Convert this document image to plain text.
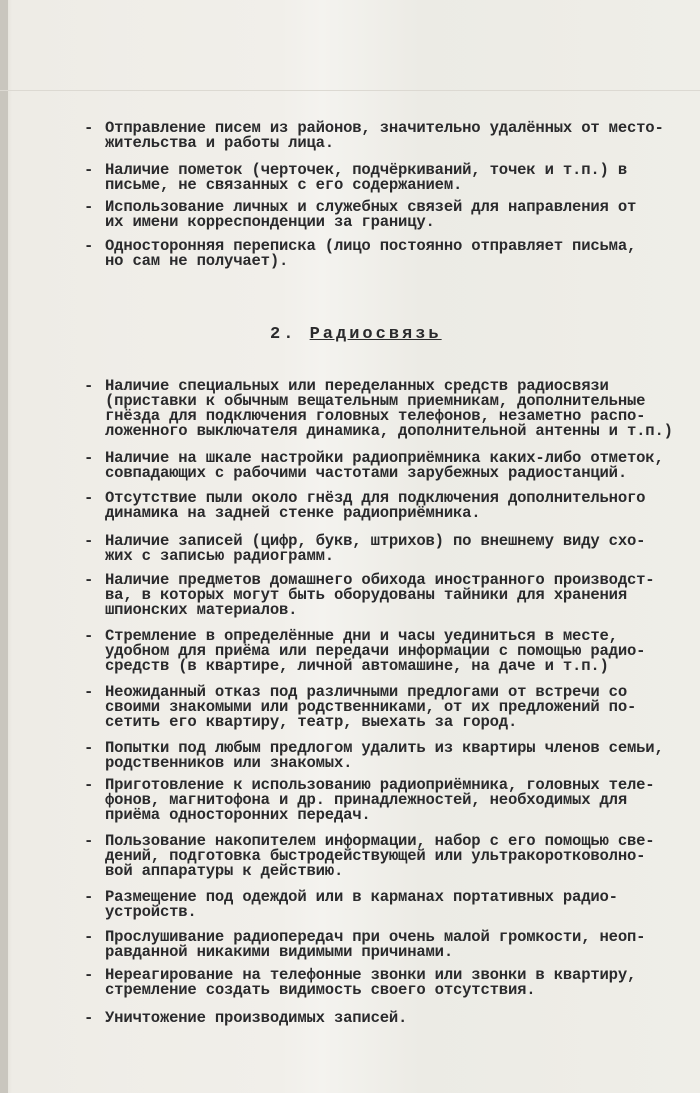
- Отправление писем из районов, значительно удалённых от место-
жительства и работы лица.
- Наличие пометок (черточек, подчёркиваний, точек и т.п.) в
письме, не связанных с его содержанием.
- Использование личных и служебных связей для направления от
их имени корреспонденции за границу.
- Односторонняя переписка (лицо постоянно отправляет письма,
но сам не получает).
2. Радиосвязь
- Наличие специальных или переделанных средств радиосвязи
(приставки к обычным вещательным приемникам, дополнительные
гнёзда для подключения головных телефонов, незаметно распо-
ложенного выключателя динамика, дополнительной антенны и т.п.)
- Наличие на шкале настройки радиоприёмника каких-либо отметок,
совпадающих с рабочими частотами зарубежных радиостанций.
- Отсутствие пыли около гнёзд для подключения дополнительного
динамика на задней стенке радиоприёмника.
- Наличие записей (цифр, букв, штрихов) по внешнему виду схо-
жих с записью радиограмм.
- Наличие предметов домашнего обихода иностранного производст-
ва, в которых могут быть оборудованы тайники для хранения
шпионских материалов.
- Стремление в определённые дни и часы уединиться в месте,
удобном для приёма или передачи информации с помощью радио-
средств (в квартире, личной автомашине, на даче и т.п.)
- Неожиданный отказ под различными предлогами от встречи со
своими знакомыми или родственниками, от их предложений по-
сетить его квартиру, театр, выехать за город.
- Попытки под любым предлогом удалить из квартиры членов семьи,
родственников или знакомых.
- Приготовление к использованию радиоприёмника, головных теле-
фонов, магнитофона и др. принадлежностей, необходимых для
приёма односторонних передач.
- Пользование накопителем информации, набор с его помощью све-
дений, подготовка быстродействующей или ультракоротковолно-
вой аппаратуры к действию.
- Размещение под одеждой или в карманах портативных радио-
устройств.
- Прослушивание радиопередач при очень малой громкости, неоп-
равданной никакими видимыми причинами.
- Нереагирование на телефонные звонки или звонки в квартиру,
стремление создать видимость своего отсутствия.
- Уничтожение производимых записей.
